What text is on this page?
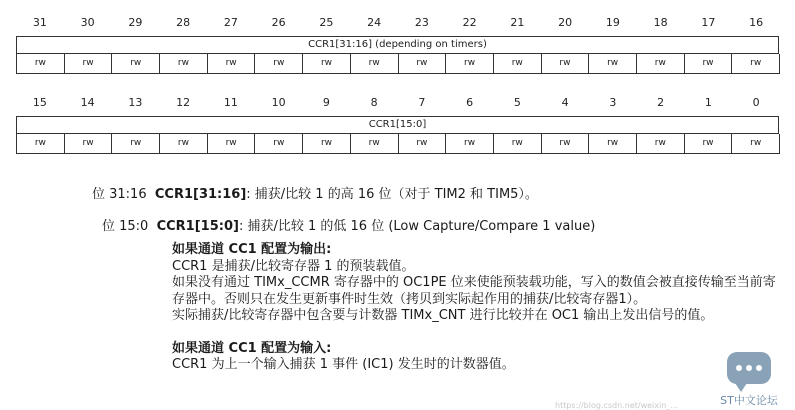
31	30	29	28	27	26	25	24	23	22	21	20	19	18	17	16
CCR1[31:16] (depending on timers)
rw	rw	rw	rw	rw	rw	rw	rw	rw	rw	rw	rw	rw	rw	rw	rw
15	14	13	12	11	10	9	8	7	6	5	4	3	2	1	0
CCR1[15:0]
rw	rw	rw	rw	rw	rw	rw	rw	rw	rw	rw	rw	rw	rw	rw	rw
位 31:16 CCR1[31:16]: 捕获/比较 1 的高 16 位（对于 TIM2 和 TIM5）。
位 15:0 CCR1[15:0]: 捕获/比较 1 的低 16 位 (Low Capture/Compare 1 value)

如果通道 CC1 配置为输出:

CCR1 是捕获/比较寄存器 1 的预装载值。

如果没有通过 TIMx_CCMR 寄存器中的 OC1PE 位来使能预装载功能，写入的数值会被直接传输至当前寄存器中。否则只在发生更新事件时生效（拷贝到实际起作用的捕获/比较寄存器1）。

实际捕获/比较寄存器中包含要与计数器 TIMx_CNT 进行比较并在 OC1 输出上发出信号的值。

如果通道 CC1 配置为输入:

CCR1 为上一个输入捕获 1 事件 (IC1) 发生时的计数器值。

ST中文论坛
https://blog.csdn.net/weixin_...
